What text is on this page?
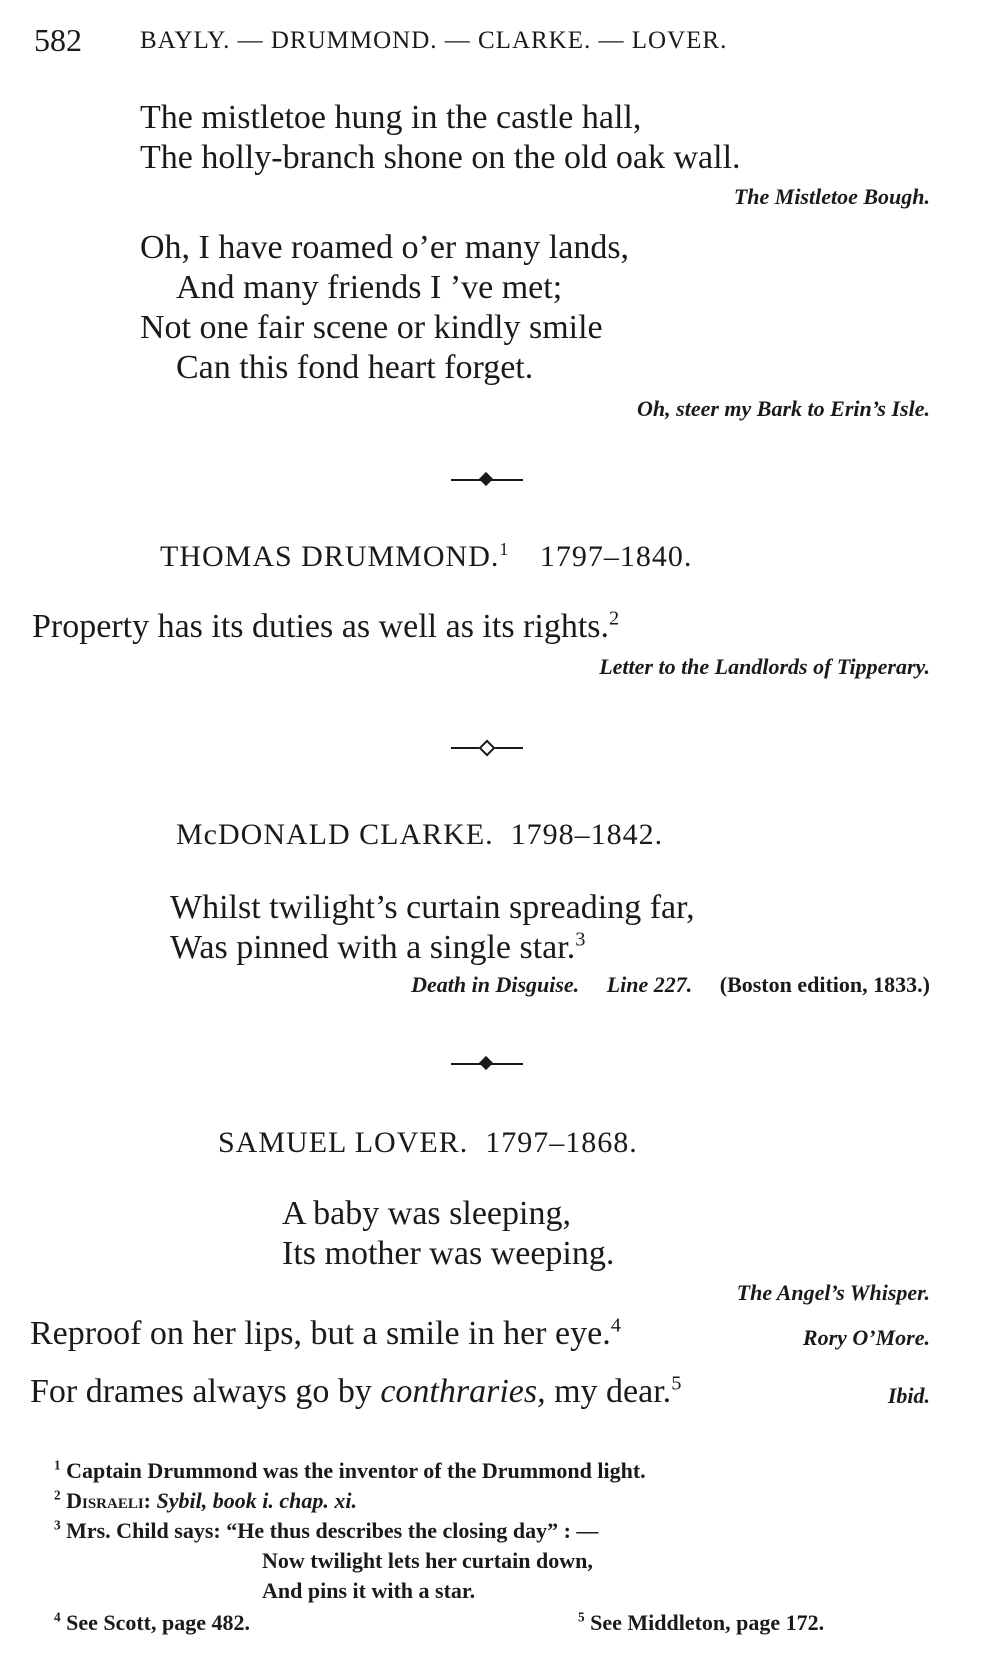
582 BAYLY. — DRUMMOND. — CLARKE. — LOVER.
The mistletoe hung in the castle hall,
The holly-branch shone on the old oak wall.
The Mistletoe Bough.
Oh, I have roamed o’er many lands,
And many friends I ’ve met;
Not one fair scene or kindly smile
Can this fond heart forget.
Oh, steer my Bark to Erin’s Isle.
THOMAS DRUMMOND.$^1$ 1797–1840.
Property has its duties as well as its rights.$^2$
Letter to the Landlords of Tipperary.
McDONALD CLARKE.  1798–1842.
Whilst twilight’s curtain spreading far,
Was pinned with a single star.$^3$
Death in Disguise. Line 227. (Boston edition, 1833.)
SAMUEL LOVER.  1797–1868.
A baby was sleeping,
Its mother was weeping.
The Angel’s Whisper.
Reproof on her lips, but a smile in her eye.$^4$	Rory O’More.
For drames always go by conthraries, my dear.$^5$	Ibid.
$^1$ Captain Drummond was the inventor of the Drummond light.
$^2$ Disraeli: Sybil, book i. chap. xi.
$^3$ Mrs. Child says: “He thus describes the closing day” : —
Now twilight lets her curtain down,
And pins it with a star.
$^4$ See Scott, page 482.	$^5$ See Middleton, page 172.
